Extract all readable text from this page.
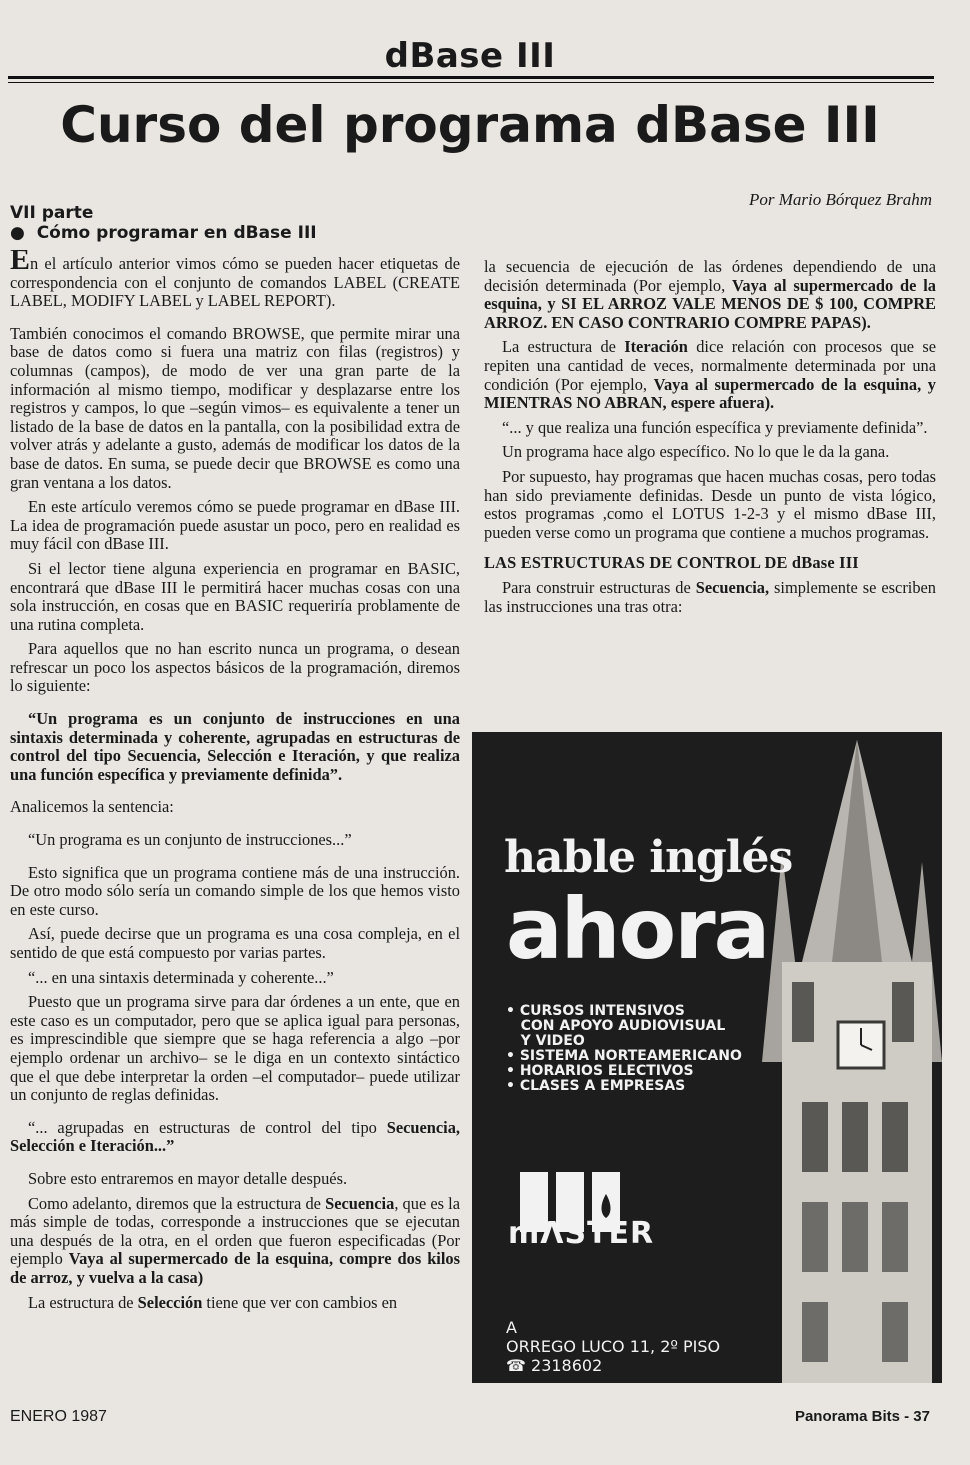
dBase III
Curso del programa dBase III
VII parte
● Cómo programar en dBase III
Por Mario Bórquez Brahm

En el artículo anterior vimos cómo se pueden hacer etiquetas de correspondencia con el conjunto de comandos LABEL (CREATE LABEL, MODIFY LABEL y LABEL REPORT).

También conocimos el comando BROWSE, que permite mirar una base de datos como si fuera una matriz con filas (registros) y columnas (campos), de modo de ver una gran parte de la información al mismo tiempo, modificar y desplazarse entre los registros y campos, lo que –según vimos– es equivalente a tener un listado de la base de datos en la pantalla, con la posibilidad extra de volver atrás y adelante a gusto, además de modificar los datos de la base de datos. En suma, se puede decir que BROWSE es como una gran ventana a los datos.

En este artículo veremos cómo se puede programar en dBase III. La idea de programación puede asustar un poco, pero en realidad es muy fácil con dBase III.

Si el lector tiene alguna experiencia en programar en BASIC, encontrará que dBase III le permitirá hacer muchas cosas con una sola instrucción, en cosas que en BASIC requeriría problamente de una rutina completa.

Para aquellos que no han escrito nunca un programa, o desean refrescar un poco los aspectos básicos de la programación, diremos lo siguiente:

“Un programa es un conjunto de instrucciones en una sintaxis determinada y coherente, agrupadas en estructuras de control del tipo Secuencia, Selección e Iteración, y que realiza una función específica y previamente definida”.

Analicemos la sentencia:

“Un programa es un conjunto de instrucciones...”

Esto significa que un programa contiene más de una instrucción. De otro modo sólo sería un comando simple de los que hemos visto en este curso.

Así, puede decirse que un programa es una cosa compleja, en el sentido de que está compuesto por varias partes.

“... en una sintaxis determinada y coherente...”

Puesto que un programa sirve para dar órdenes a un ente, que en este caso es un computador, pero que se aplica igual para personas, es imprescindible que siempre que se haga referencia a algo –por ejemplo ordenar un archivo– se le diga en un contexto sintáctico que el que debe interpretar la orden –el computador– puede utilizar un conjunto de reglas definidas.

“... agrupadas en estructuras de control del tipo Secuencia, Selección e Iteración...”

Sobre esto entraremos en mayor detalle después.

Como adelanto, diremos que la estructura de Secuencia, que es la más simple de todas, corresponde a instrucciones que se ejecutan una después de la otra, en el orden que fueron especificadas (Por ejemplo Vaya al supermercado de la esquina, compre dos kilos de arroz, y vuelva a la casa)

La estructura de Selección tiene que ver con cambios en

la secuencia de ejecución de las órdenes dependiendo de una decisión determinada (Por ejemplo, Vaya al supermercado de la esquina, y SI EL ARROZ VALE MENOS DE $ 100, COMPRE ARROZ. EN CASO CONTRARIO COMPRE PAPAS).

La estructura de Iteración dice relación con procesos que se repiten una cantidad de veces, normalmente determinada por una condición (Por ejemplo, Vaya al supermercado de la esquina, y MIENTRAS NO ABRAN, espere afuera).

“... y que realiza una función específica y previamente definida”.

Un programa hace algo específico. No lo que le da la gana.

Por supuesto, hay programas que hacen muchas cosas, pero todas han sido previamente definidas. Desde un punto de vista lógico, estos programas ,como el LOTUS 1-2-3 y el mismo dBase III, pueden verse como un programa que contiene a muchos programas.

LAS ESTRUCTURAS DE CONTROL DE dBase III

Para construir estructuras de Secuencia, simplemente se escriben las instrucciones una tras otra:

hable inglés
ahora
• CURSOS INTENSIVOS
CON APOYO AUDIOVISUAL
Y VIDEO
• SISTEMA NORTEAMERICANO
• HORARIOS ELECTIVOS
• CLASES A EMPRESAS
mΛSTER
A
ORREGO LUCO 11, 2º PISO
☎ 2318602
ENERO 1987	Panorama Bits - 37
